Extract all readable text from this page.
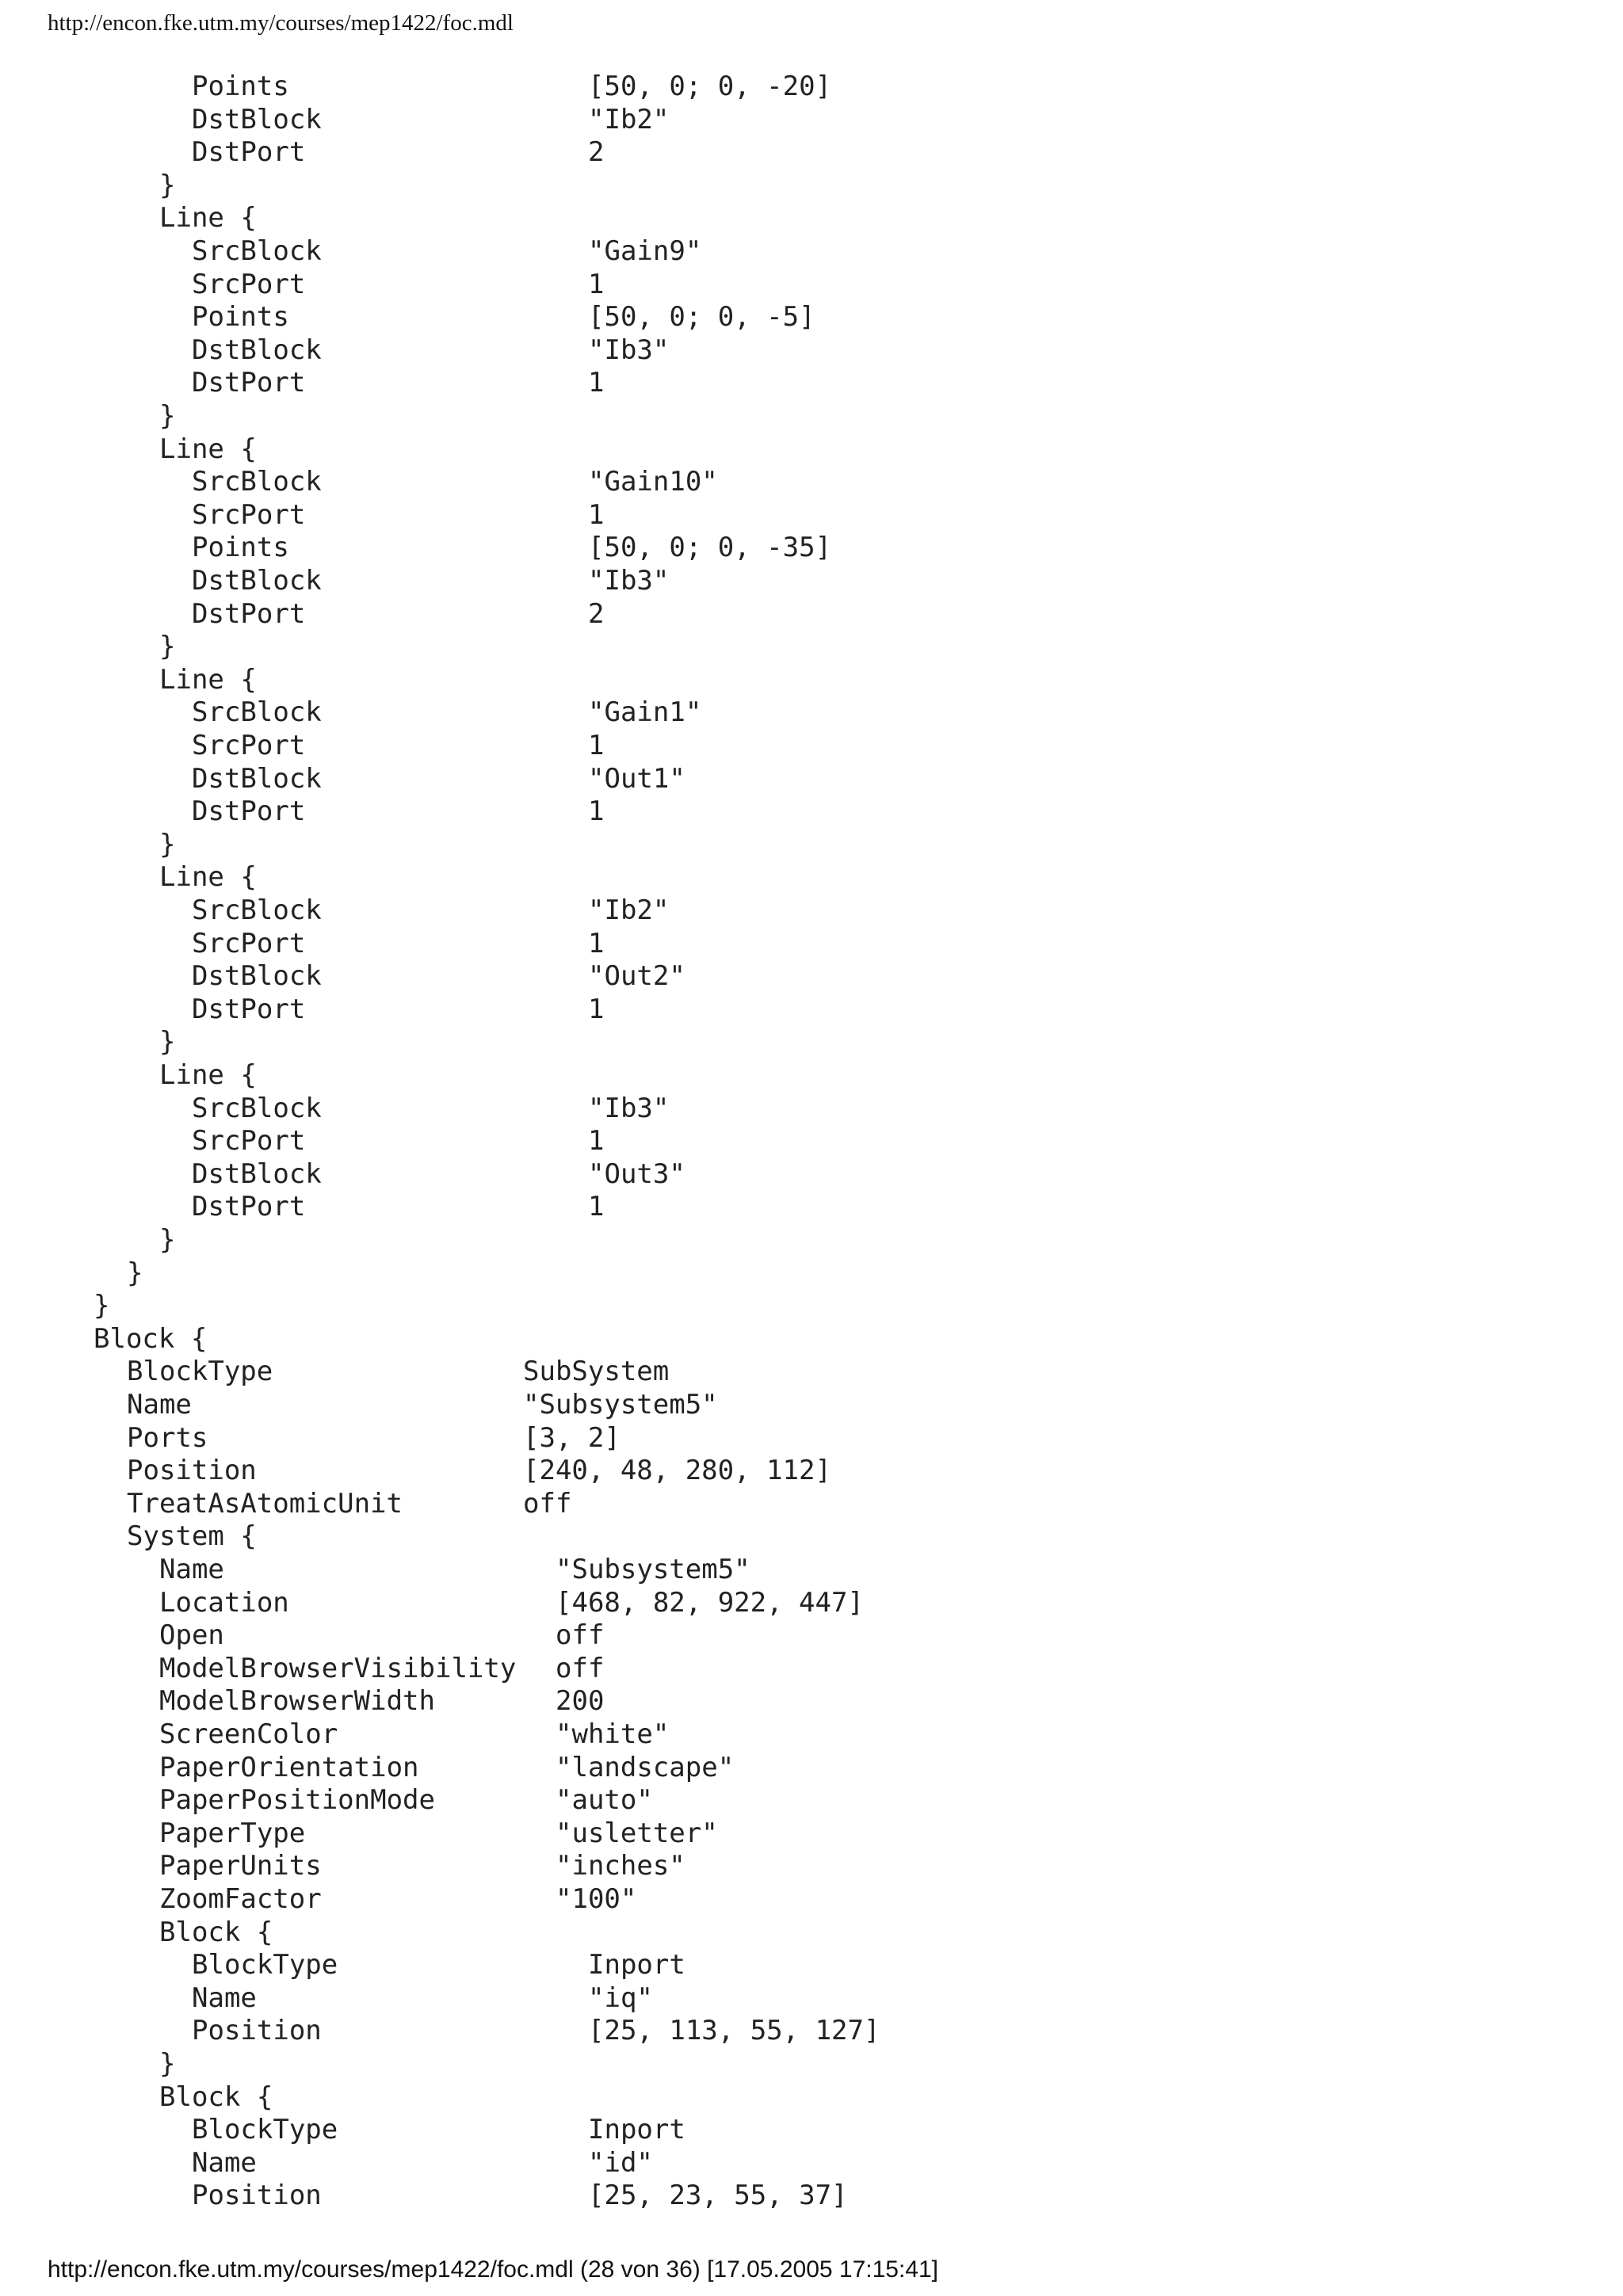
http://encon.fke.utm.my/courses/mep1422/foc.mdl
Points	[50, 0; 0, -20]
DstBlock	"Ib2"
DstPort	2
}
Line {
SrcBlock	"Gain9"
SrcPort	1
Points	[50, 0; 0, -5]
DstBlock	"Ib3"
DstPort	1
}
Line {
SrcBlock	"Gain10"
SrcPort	1
Points	[50, 0; 0, -35]
DstBlock	"Ib3"
DstPort	2
}
Line {
SrcBlock	"Gain1"
SrcPort	1
DstBlock	"Out1"
DstPort	1
}
Line {
SrcBlock	"Ib2"
SrcPort	1
DstBlock	"Out2"
DstPort	1
}
Line {
SrcBlock	"Ib3"
SrcPort	1
DstBlock	"Out3"
DstPort	1
}
}
}
Block {
BlockType	SubSystem
Name	"Subsystem5"
Ports	[3, 2]
Position	[240, 48, 280, 112]
TreatAsAtomicUnit	off
System {
Name	"Subsystem5"
Location	[468, 82, 922, 447]
Open	off
ModelBrowserVisibility off
ModelBrowserWidth	200
ScreenColor	"white"
PaperOrientation	"landscape"
PaperPositionMode	"auto"
PaperType	"usletter"
PaperUnits	"inches"
ZoomFactor	"100"
Block {
BlockType	Inport
Name	"iq"
Position	[25, 113, 55, 127]
}
Block {
BlockType	Inport
Name	"id"
Position	[25, 23, 55, 37]
http://encon.fke.utm.my/courses/mep1422/foc.mdl (28 von 36) [17.05.2005 17:15:41]
